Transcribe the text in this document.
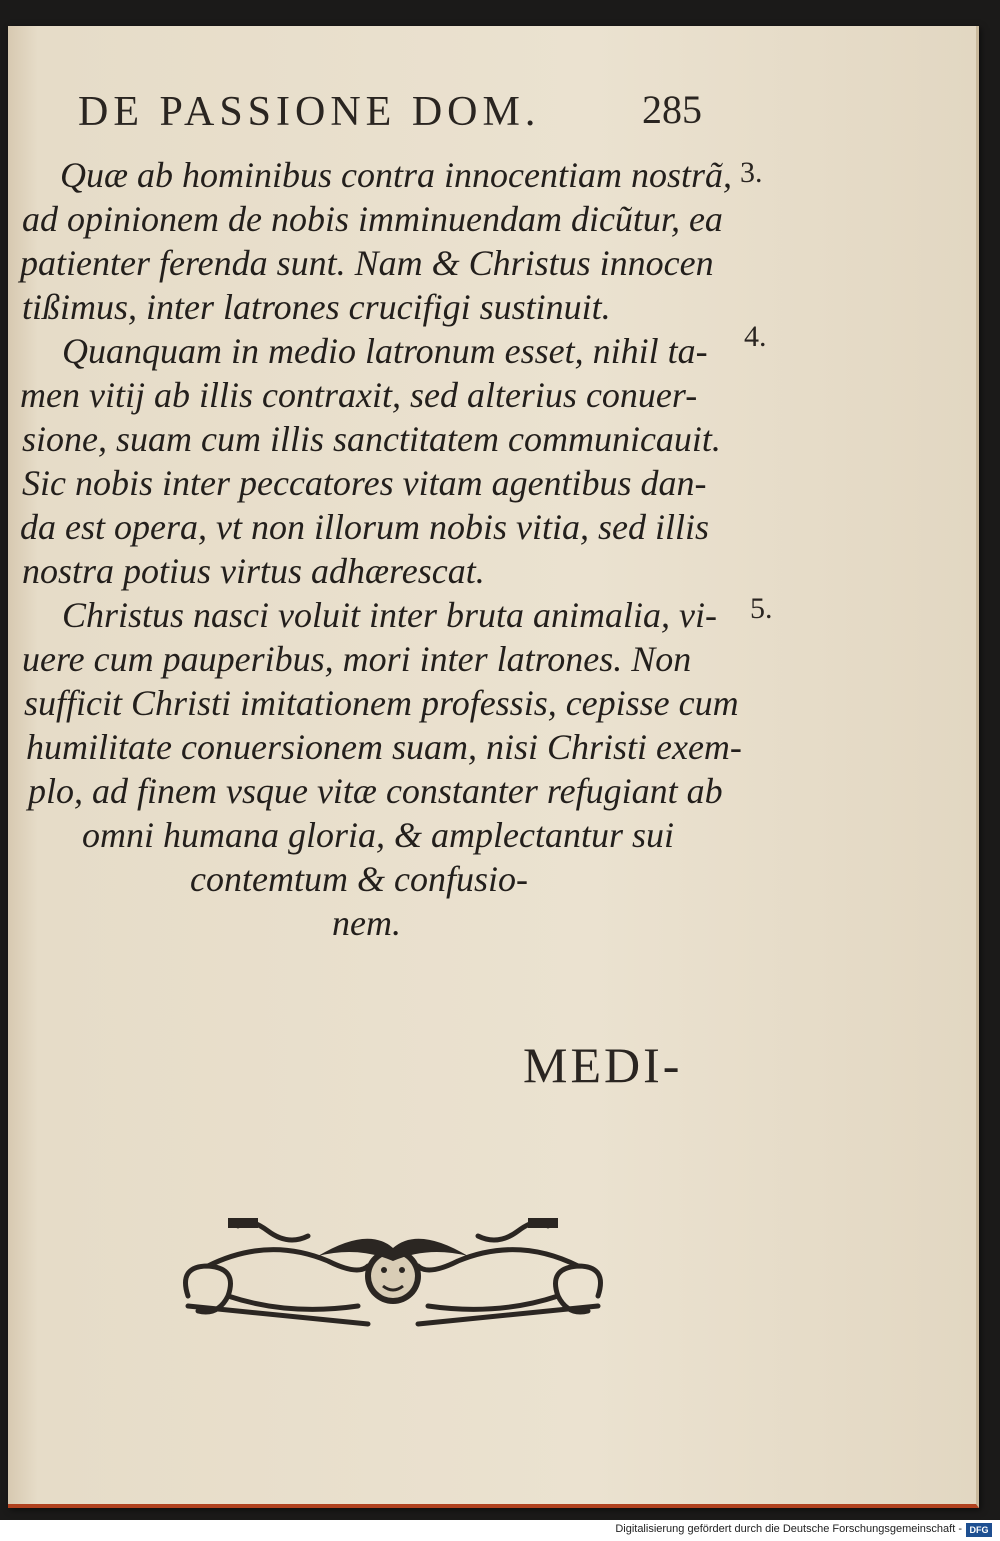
DE PASSIONE DOM.	285
Quæ ab hominibus contra innocentiam nostrã,
ad opinionem de nobis imminuendam dicũtur, ea
patienter ferenda sunt. Nam & Christus innocen
tißimus, inter latrones crucifigi sustinuit.
Quanquam in medio latronum esset, nihil ta-
men vitij ab illis contraxit, sed alterius conuer-
sione, suam cum illis sanctitatem communicauit.
Sic nobis inter peccatores vitam agentibus dan-
da est opera, vt non illorum nobis vitia, sed illis
nostra potius virtus adhærescat.
Christus nasci voluit inter bruta animalia, vi-
uere cum pauperibus, mori inter latrones. Non
sufficit Christi imitationem professis, cepisse cum
humilitate conuersionem suam, nisi Christi exem-
plo, ad finem vsque vitæ constanter refugiant ab
omni humana gloria, & amplectantur sui
contemtum & confusio-
nem.
3.
4.
5.
MEDI-
Digitalisierung gefördert durch die Deutsche Forschungsgemeinschaft - DFG
